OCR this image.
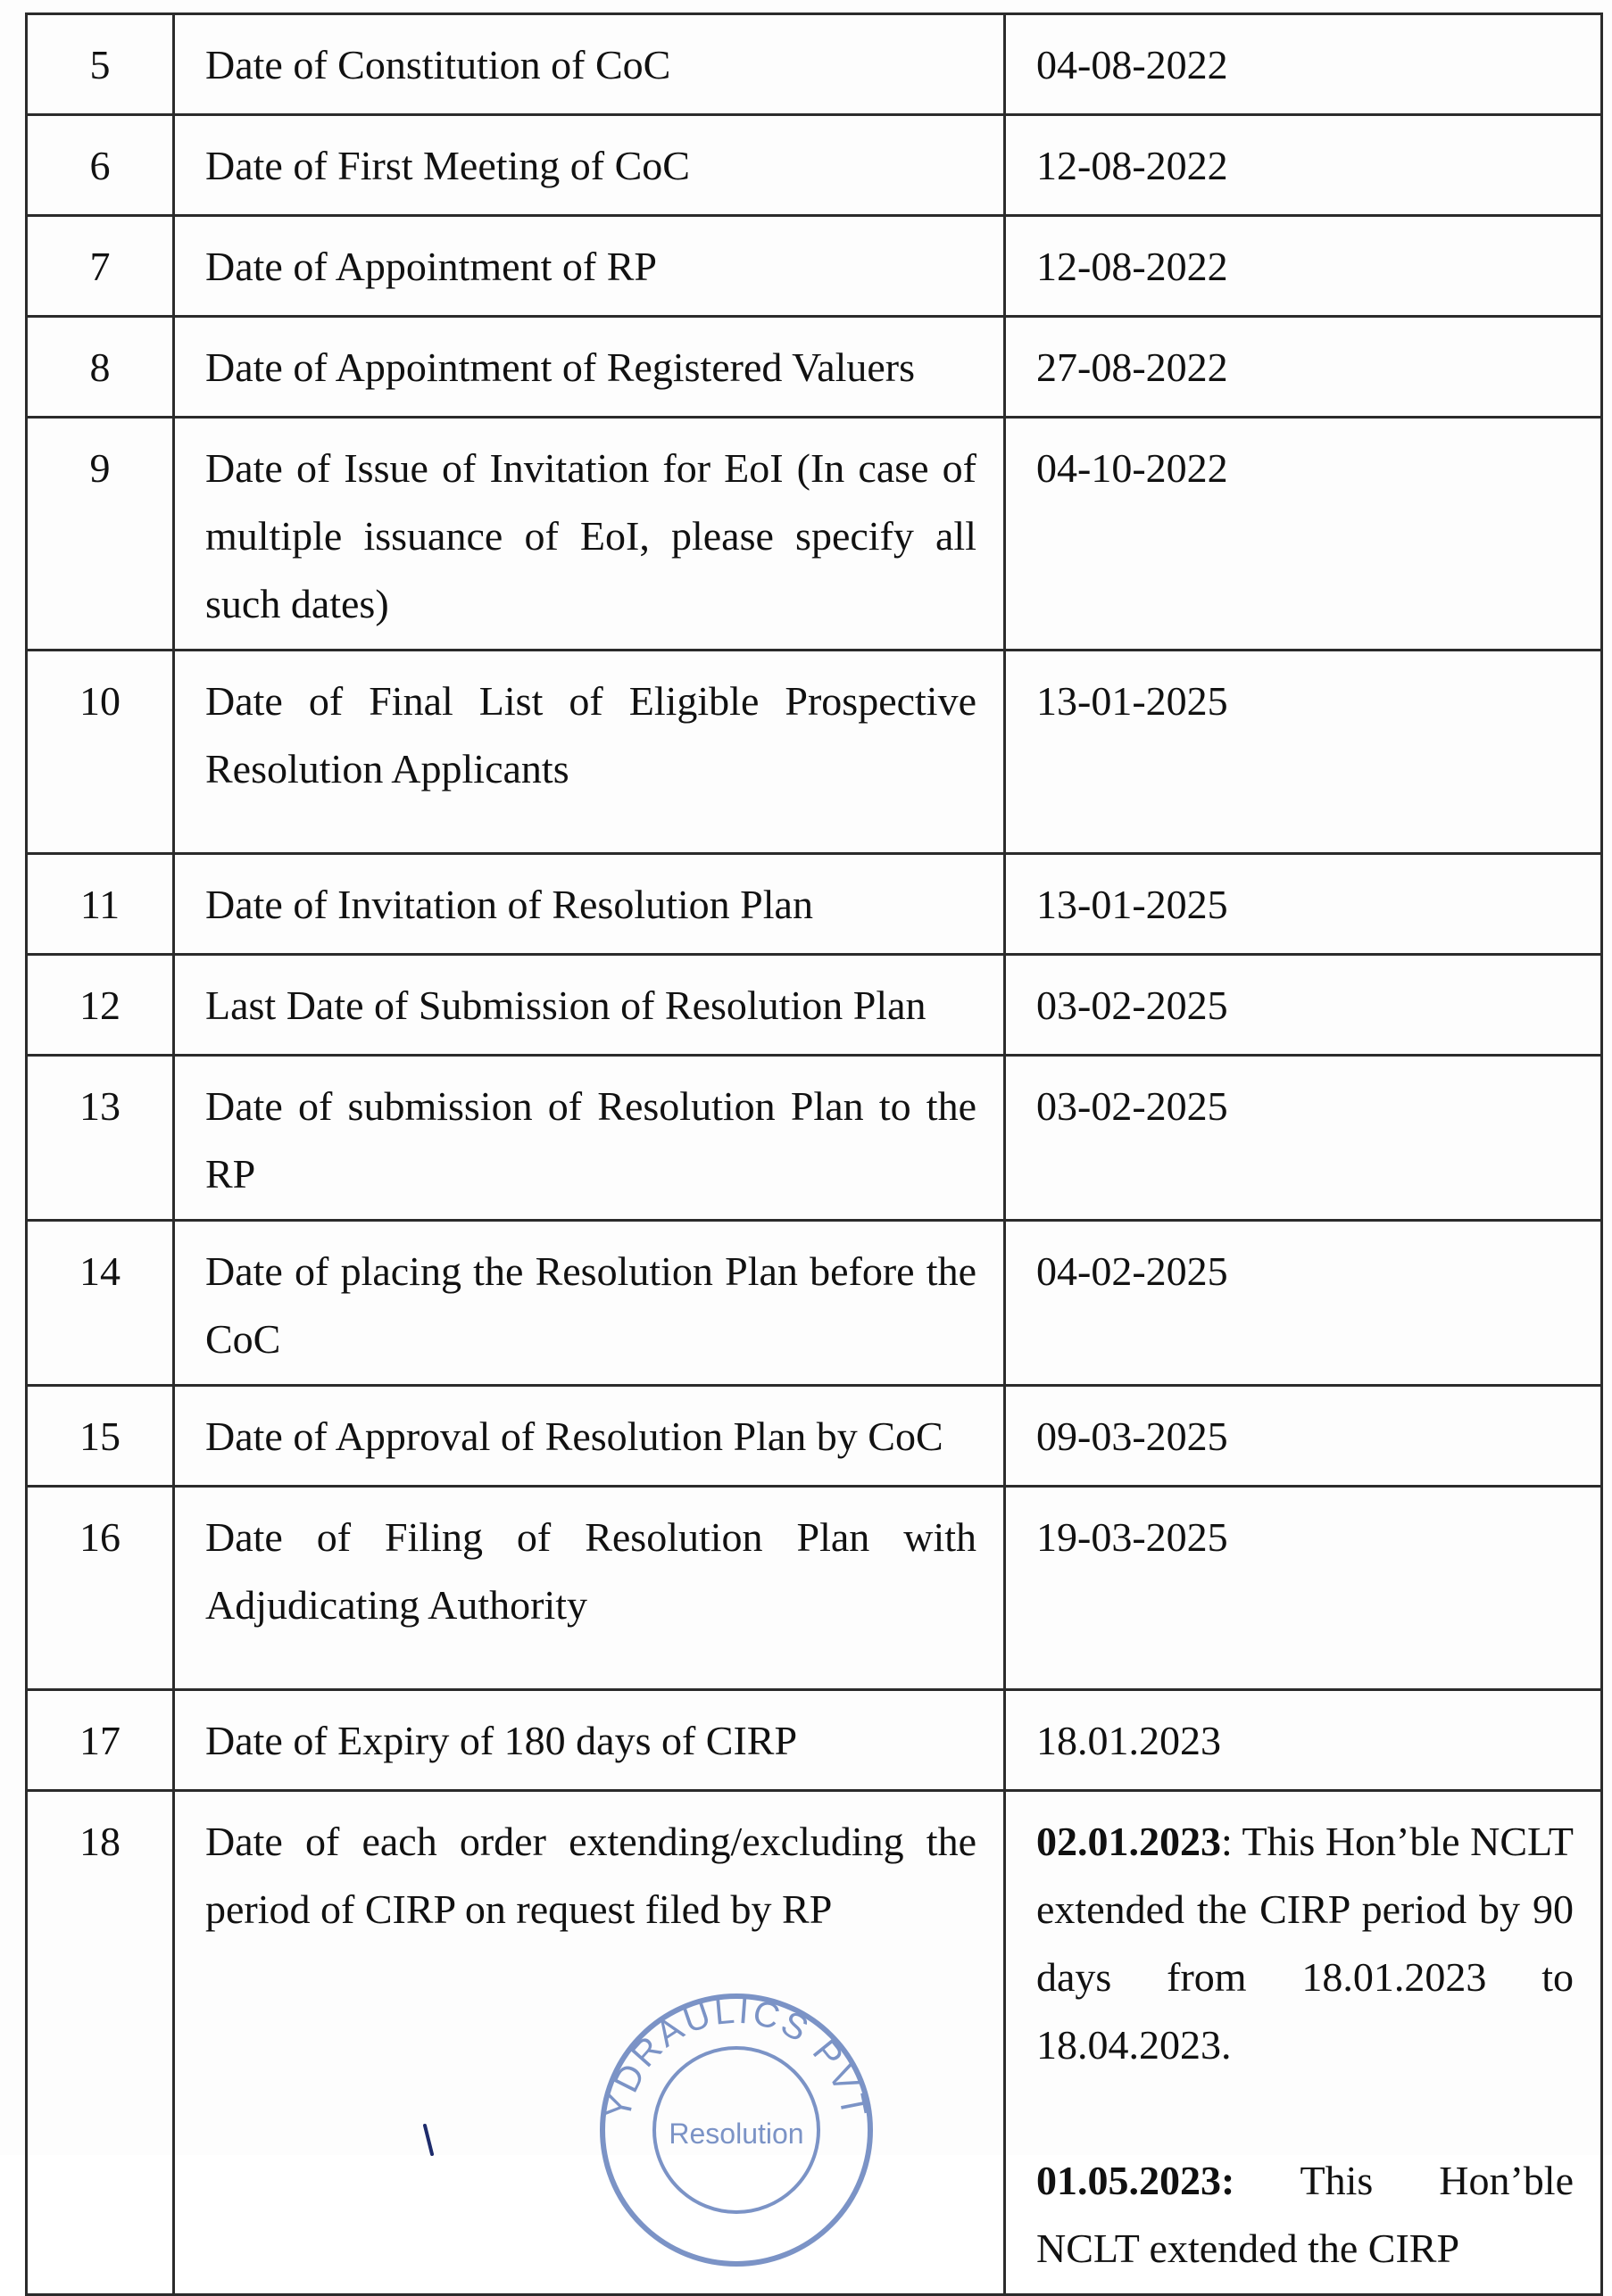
5	Date of Constitution of CoC	04-08-2022
6	Date of First Meeting of CoC	12-08-2022
7	Date of Appointment of RP	12-08-2022
8	Date of Appointment of Registered Valuers	27-08-2022
9	Date of Issue of Invitation for EoI (In case of multiple issuance of EoI, please specify all such dates)	04-10-2022
10	Date of Final List of Eligible Prospective Resolution Applicants	13-01-2025
11	Date of Invitation of Resolution Plan	13-01-2025
12	Last Date of Submission of Resolution Plan	03-02-2025
13	Date of submission of Resolution Plan to the RP	03-02-2025
14	Date of placing the Resolution Plan before the CoC	04-02-2025
15	Date of Approval of Resolution Plan by CoC	09-03-2025
16	Date of Filing of Resolution Plan with Adjudicating Authority	19-03-2025
17	Date of Expiry of 180 days of CIRP	18.01.2023
18	Date of each order extending/excluding the period of CIRP on request filed by RP	02.01.2023: This Hon’ble NCLT extended the CIRP period by 90 days from 18.01.2023 to 18.04.2023.
01.05.2023: This Hon’ble NCLT extended the CIRP
YDRAULICS PVT
Resolution
